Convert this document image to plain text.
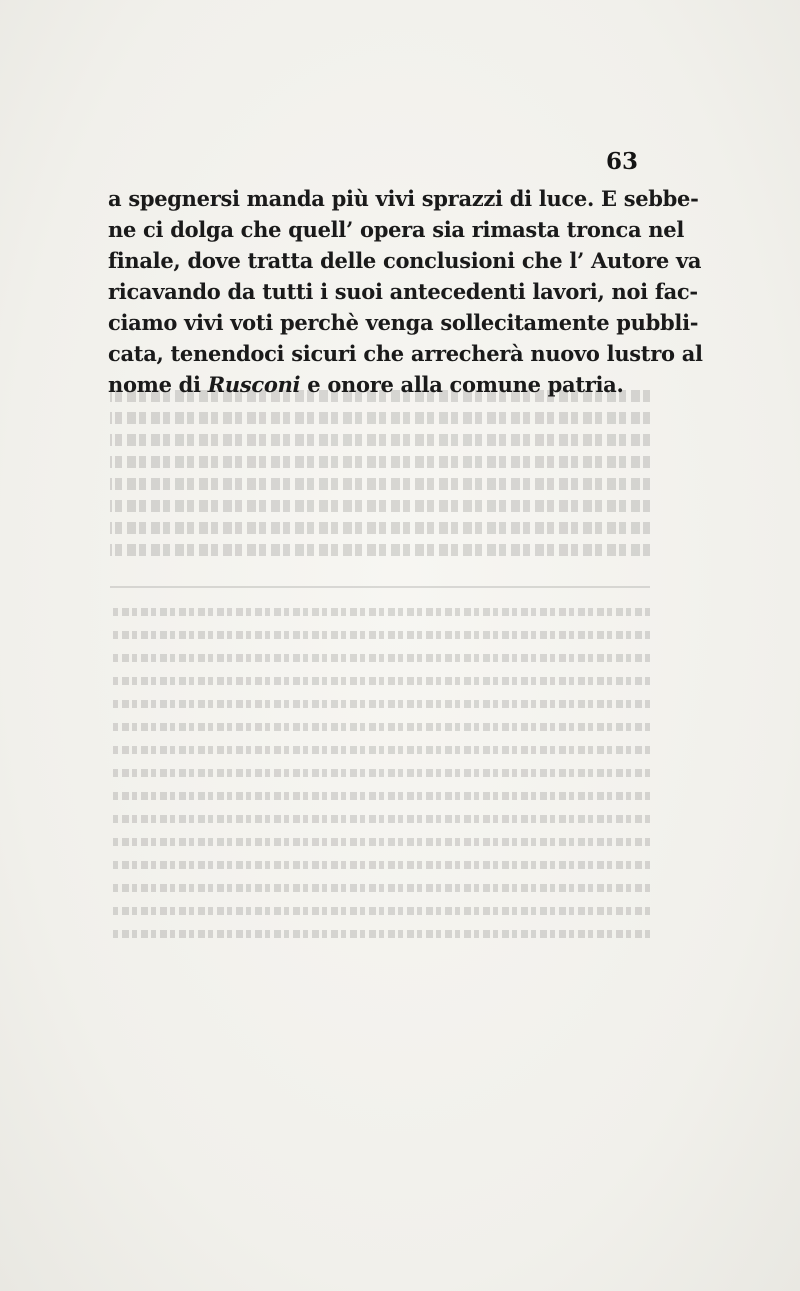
63
a spegnersi manda più vivi sprazzi di luce. E sebbe-
ne ci dolga che quell’ opera sia rimasta tronca nel
finale, dove tratta delle conclusioni che l’ Autore va
ricavando da tutti i suoi antecedenti lavori, noi fac-
ciamo vivi voti perchè venga sollecitamente pubbli-
cata, tenendoci sicuri che arrecherà nuovo lustro al
nome di Rusconi e onore alla comune patria.
